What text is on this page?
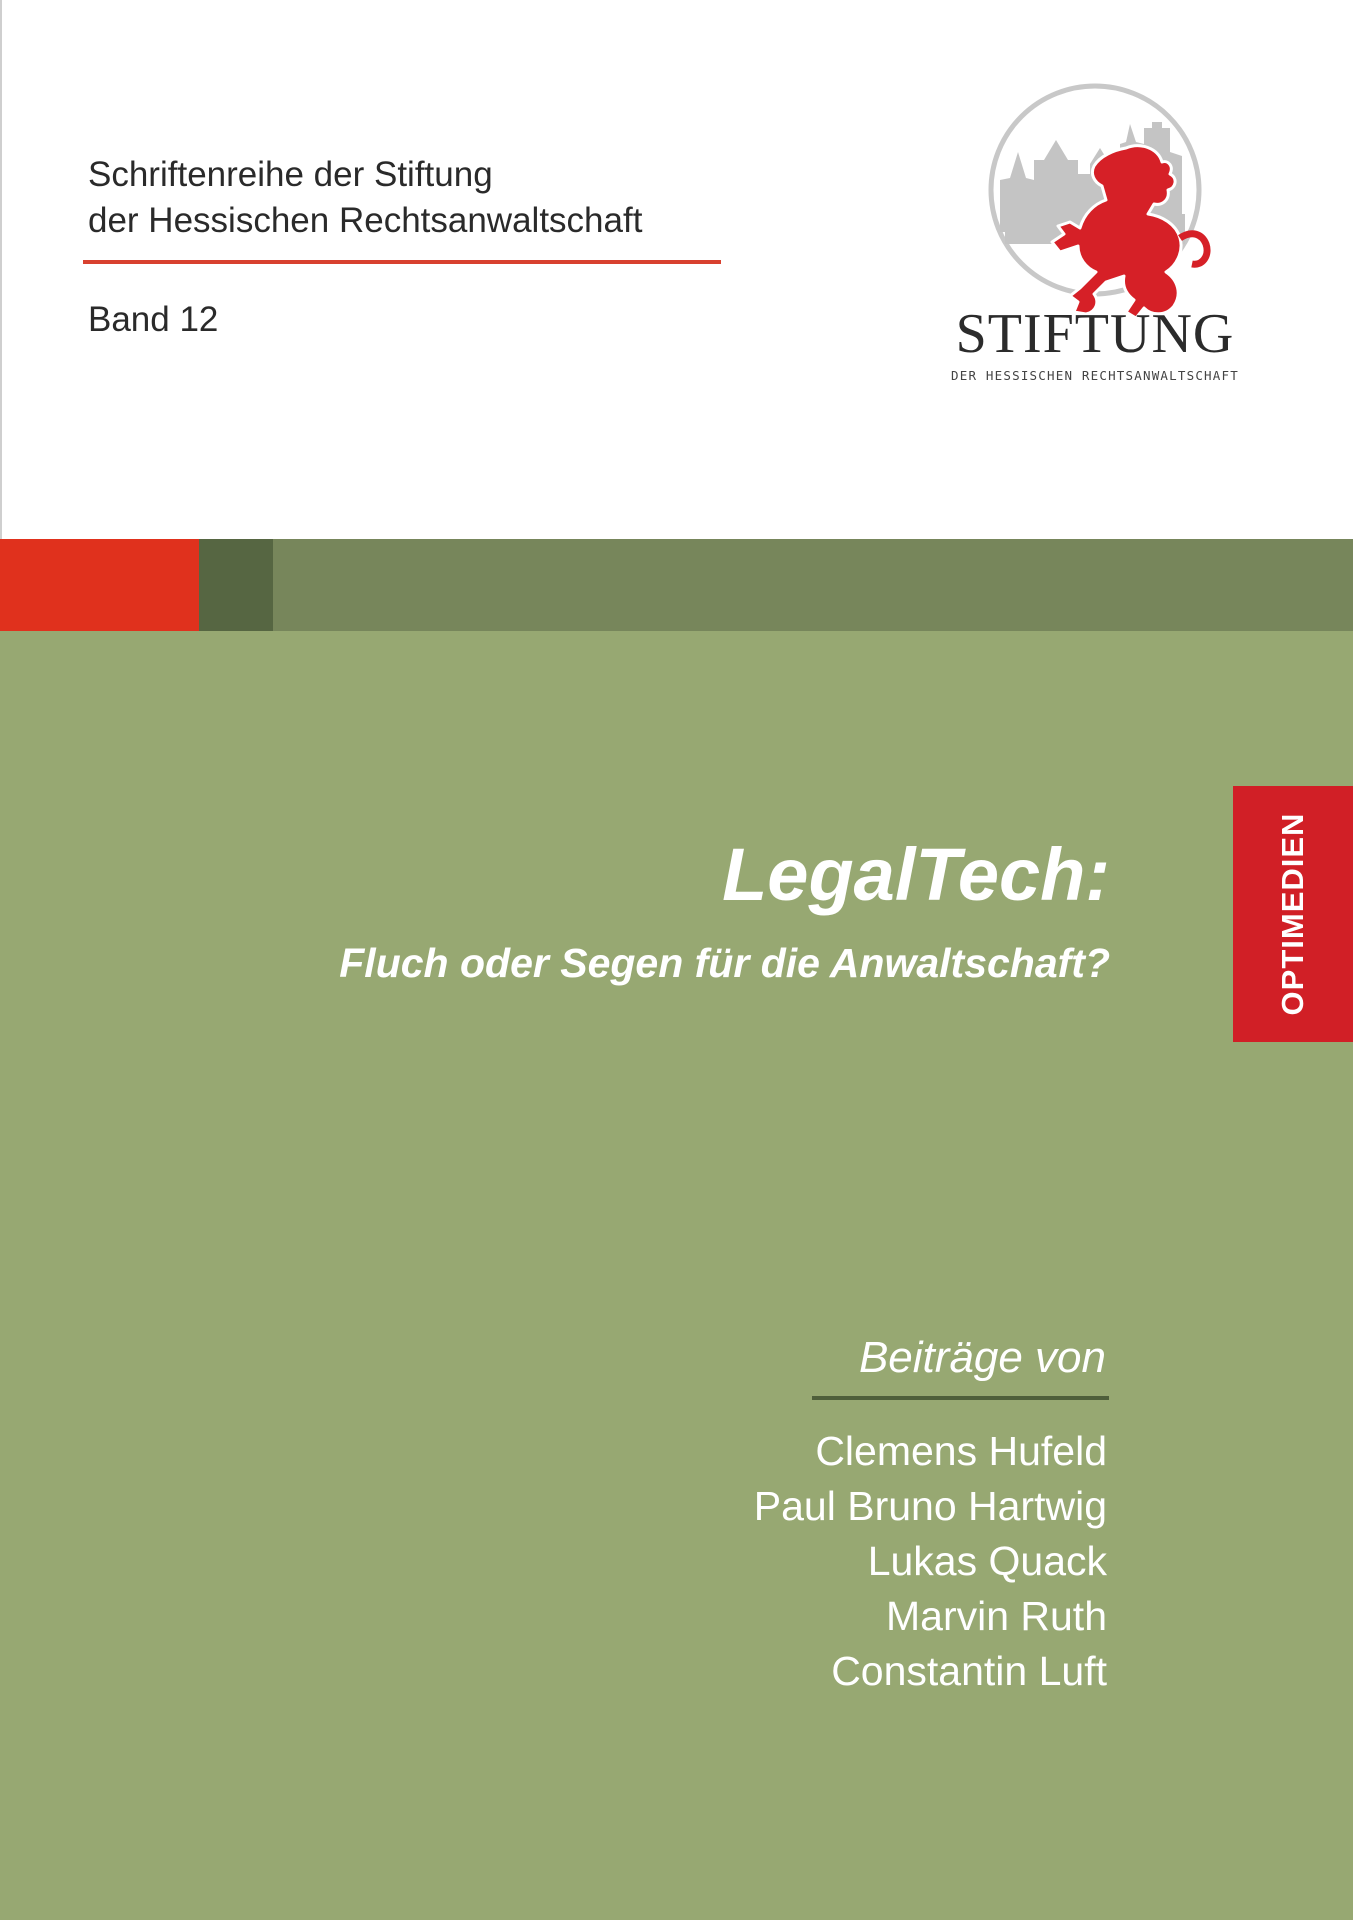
Schriftenreihe der Stiftung
der Hessischen Rechtsanwaltschaft
Band 12	STIFTUNG
DER HESSISCHEN RECHTSANWALTSCHAFT
OPTIMEDIEN
LegalTech:
Fluch oder Segen für die Anwaltschaft?
Beiträge von
Clemens Hufeld
Paul Bruno Hartwig
Lukas Quack
Marvin Ruth
Constantin Luft
